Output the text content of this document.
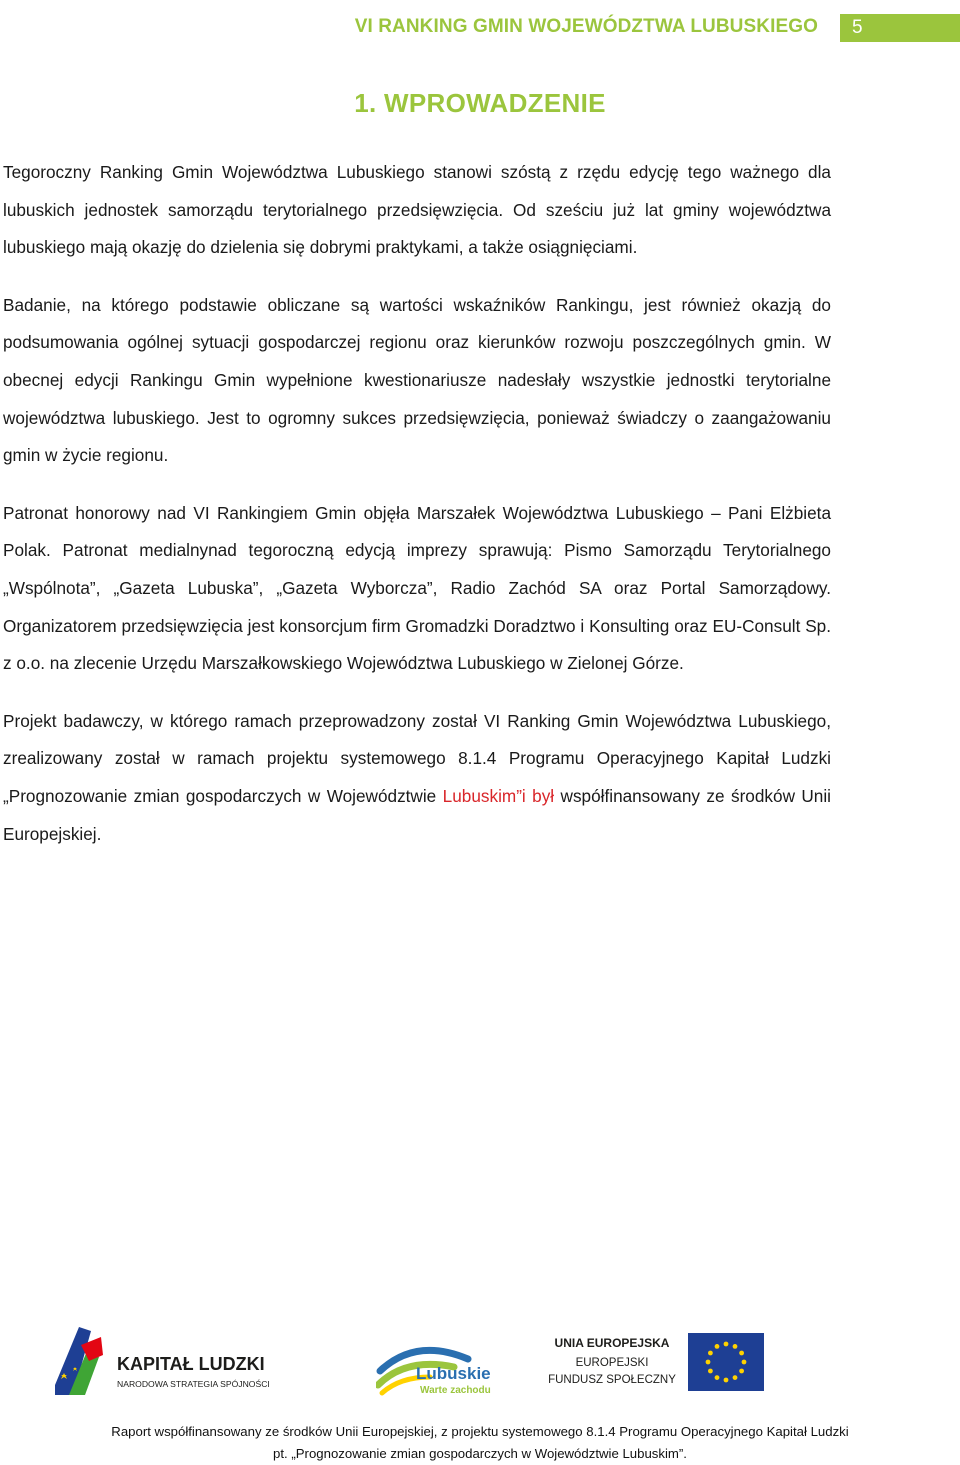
VI RANKING GMIN WOJEWÓDZTWA LUBUSKIEGO 5
1. WPROWADZENIE

Tegoroczny Ranking Gmin Województwa Lubuskiego stanowi szóstą z rzędu edycję tego ważnego dla lubuskich jednostek samorządu terytorialnego przedsięwzięcia. Od sześciu już lat gminy województwa lubuskiego mają okazję do dzielenia się dobrymi praktykami, a także osiągnięciami.

Badanie, na którego podstawie obliczane są wartości wskaźników Rankingu, jest również okazją do podsumowania ogólnej sytuacji gospodarczej regionu oraz kierunków rozwoju poszczególnych gmin. W obecnej edycji Rankingu Gmin wypełnione kwestionariusze nadesłały wszystkie jednostki terytorialne województwa lubuskiego. Jest to ogromny sukces przedsięwzięcia, ponieważ świadczy o zaangażowaniu gmin w życie regionu.

Patronat honorowy nad VI Rankingiem Gmin objęła Marszałek Województwa Lubuskiego – Pani Elżbieta Polak. Patronat medialnynad tegoroczną edycją imprezy sprawują: Pismo Samorządu Terytorialnego „Wspólnota”, „Gazeta Lubuska”, „Gazeta Wyborcza”, Radio Zachód SA oraz Portal Samorządowy. Organizatorem przedsięwzięcia jest konsorcjum firm Gromadzki Doradztwo i Konsulting oraz EU-Consult Sp. z o.o. na zlecenie Urzędu Marszałkowskiego Województwa Lubuskiego w Zielonej Górze.

Projekt badawczy, w którego ramach przeprowadzony został VI Ranking Gmin Województwa Lubuskiego, zrealizowany został w ramach projektu systemowego 8.1.4 Programu Operacyjnego Kapitał Ludzki „Prognozowanie zmian gospodarczych w Województwie Lubuskim”i był współfinansowany ze środków Unii Europejskiej.

KAPITAŁ LUDZKI
NARODOWA STRATEGIA SPÓJNOŚCI
Lubuskie
Warte zachodu
UNIA EUROPEJSKA
EUROPEJSKI
FUNDUSZ SPOŁECZNY
Raport współfinansowany ze środków Unii Europejskiej, z projektu systemowego 8.1.4 Programu Operacyjnego Kapitał Ludzki
pt. „Prognozowanie zmian gospodarczych w Województwie Lubuskim”.
